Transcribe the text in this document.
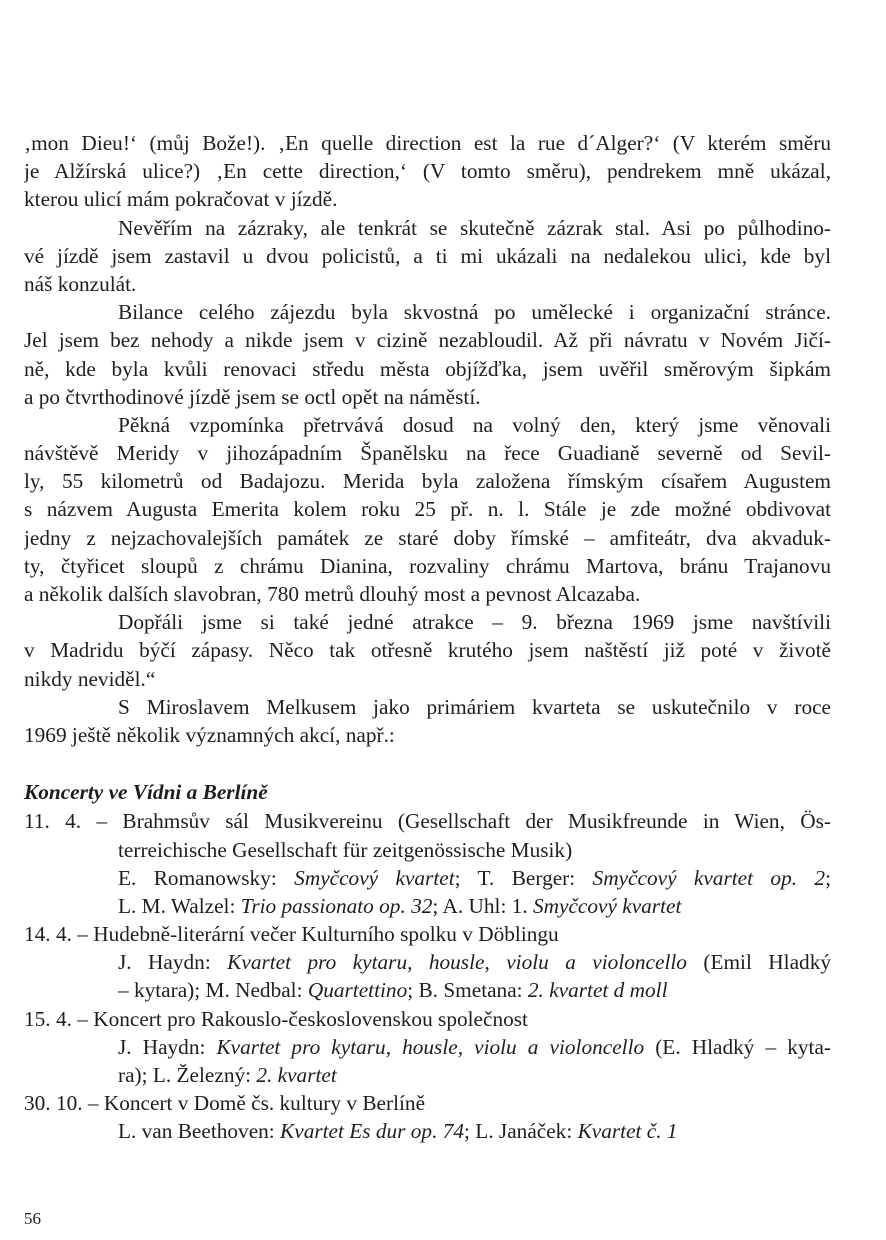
‚mon Dieu!‘ (můj Bože!). ‚En quelle direction est la rue d´Alger?‘ (V kterém směru
je Alžírská ulice?) ‚En cette direction,‘ (V tomto směru), pendrekem mně ukázal,
kterou ulicí mám pokračovat v jízdě.
Nevěřím na zázraky, ale tenkrát se skutečně zázrak stal. Asi po půlhodino-
vé jízdě jsem zastavil u dvou policistů, a ti mi ukázali na nedalekou ulici, kde byl
náš konzulát.
Bilance celého zájezdu byla skvostná po umělecké i organizační stránce.
Jel jsem bez nehody a nikde jsem v cizině nezabloudil. Až při návratu v Novém Jičí-
ně, kde byla kvůli renovaci středu města objížďka, jsem uvěřil směrovým šipkám
a po čtvrthodinové jízdě jsem se octl opět na náměstí.
Pěkná vzpomínka přetrvává dosud na volný den, který jsme věnovali
návštěvě Meridy v jihozápadním Španělsku na řece Guadianě severně od Sevil-
ly, 55 kilometrů od Badajozu. Merida byla založena římským císařem Augustem
s názvem Augusta Emerita kolem roku 25 př. n. l. Stále je zde možné obdivovat
jedny z nejzachovalejších památek ze staré doby římské – amfiteátr, dva akvaduk-
ty, čtyřicet sloupů z chrámu Dianina, rozvaliny chrámu Martova, bránu Trajanovu
a několik dalších slavobran, 780 metrů dlouhý most a pevnost Alcazaba.
Dopřáli jsme si také jedné atrakce – 9. března 1969 jsme navštívili
v Madridu býčí zápasy. Něco tak otřesně krutého jsem naštěstí již poté v životě
nikdy neviděl.“
S Miroslavem Melkusem jako primáriem kvarteta se uskutečnilo v roce
1969 ještě několik významných akcí, např.:
Koncerty ve Vídni a Berlíně
11. 4. – Brahmsův sál Musikvereinu (Gesellschaft der Musikfreunde in Wien, Ös-
terreichische Gesellschaft für zeitgenössische Musik)
E. Romanowsky: Smyčcový kvartet; T. Berger: Smyčcový kvartet op. 2;
L. M. Walzel: Trio passionato op. 32; A. Uhl: 1. Smyčcový kvartet
14. 4. – Hudebně-literární večer Kulturního spolku v Döblingu
J. Haydn: Kvartet pro kytaru, housle, violu a violoncello (Emil Hladký
– kytara); M. Nedbal: Quartettino; B. Smetana: 2. kvartet d moll
15. 4. – Koncert pro Rakouslo-československou společnost
J. Haydn: Kvartet pro kytaru, housle, violu a violoncello (E. Hladký – kyta-
ra); L. Železný: 2. kvartet
30. 10. – Koncert v Domě čs. kultury v Berlíně
L. van Beethoven: Kvartet Es dur op. 74; L. Janáček: Kvartet č. 1
56
